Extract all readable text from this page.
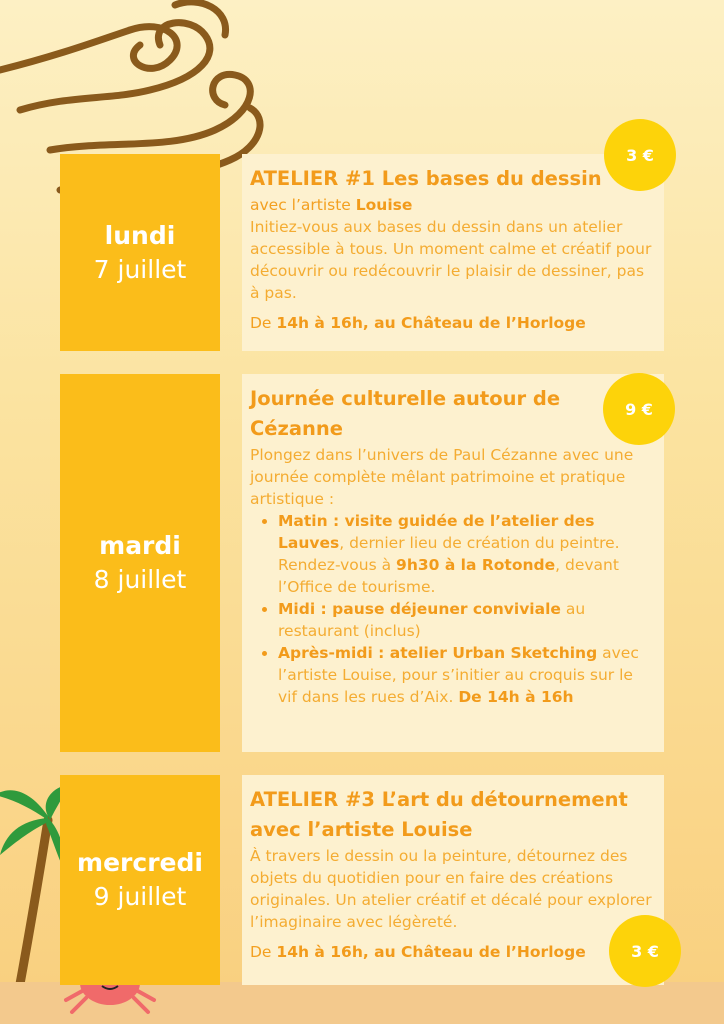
lundi
7 juillet
ATELIER #1 Les bases du dessin
avec l’artiste Louise
Initiez-vous aux bases du dessin dans un atelier accessible à tous. Un moment calme et créatif pour découvrir ou redécouvrir le plaisir de dessiner, pas à pas.
De 14h à 16h, au Château de l’Horloge
3 €
mardi
8 juillet
Journée culturelle autour de Cézanne
Plongez dans l’univers de Paul Cézanne avec une journée complète mêlant patrimoine et pratique artistique :
• Matin : visite guidée de l’atelier des Lauves, dernier lieu de création du peintre. Rendez-vous à 9h30 à la Rotonde, devant l’Office de tourisme.
• Midi : pause déjeuner conviviale au restaurant (inclus)
• Après-midi : atelier Urban Sketching avec l’artiste Louise, pour s’initier au croquis sur le vif dans les rues d’Aix. De 14h à 16h
9 €
mercredi
9 juillet
ATELIER #3 L’art du détournement avec l’artiste Louise
À travers le dessin ou la peinture, détournez des objets du quotidien pour en faire des créations originales. Un atelier créatif et décalé pour explorer l’imaginaire avec légèreté.
De 14h à 16h, au Château de l’Horloge	3 €
